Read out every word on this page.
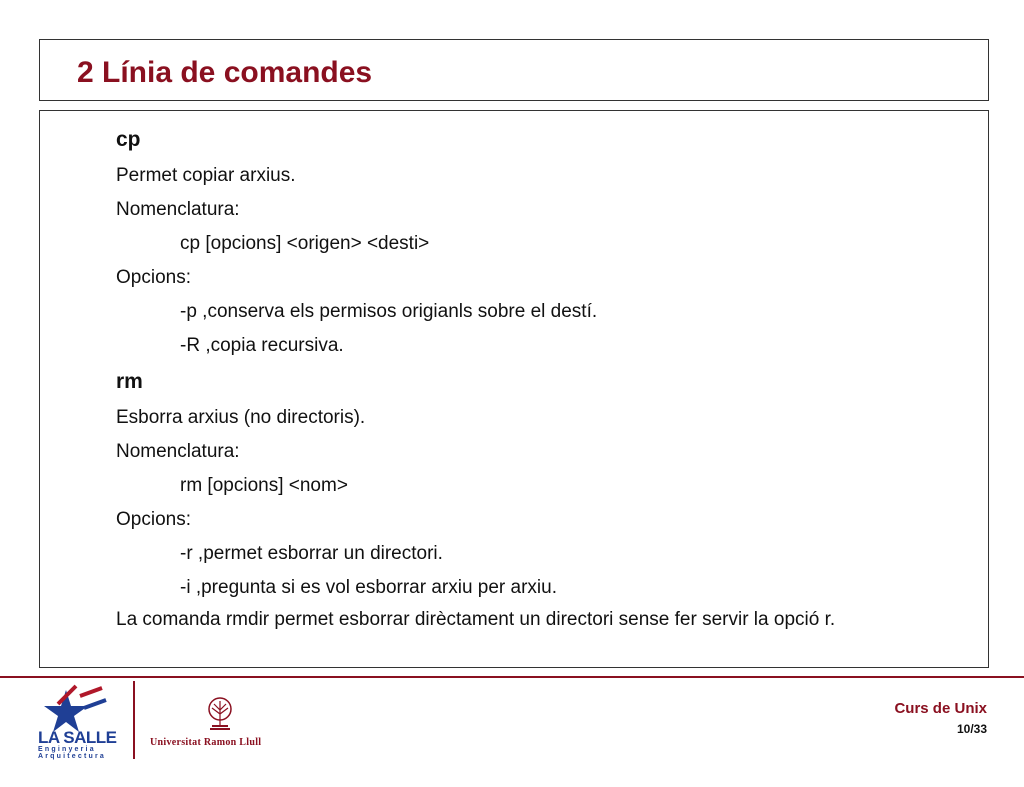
2 Línia de comandes
cp
Permet copiar arxius.
Nomenclatura:
cp [opcions] <origen> <desti>
Opcions:
-p ,conserva els permisos origianls sobre el destí.
-R ,copia recursiva.
rm
Esborra arxius (no directoris).
Nomenclatura:
rm [opcions] <nom>
Opcions:
-r ,permet esborrar un directori.
-i ,pregunta si es vol esborrar arxiu per arxiu.
La comanda rmdir permet esborrar dirèctament un directori sense fer servir la opció r.
LA SALLE
Enginyeria
Arquitectura
Universitat Ramon Llull
Curs de Unix
10/33
